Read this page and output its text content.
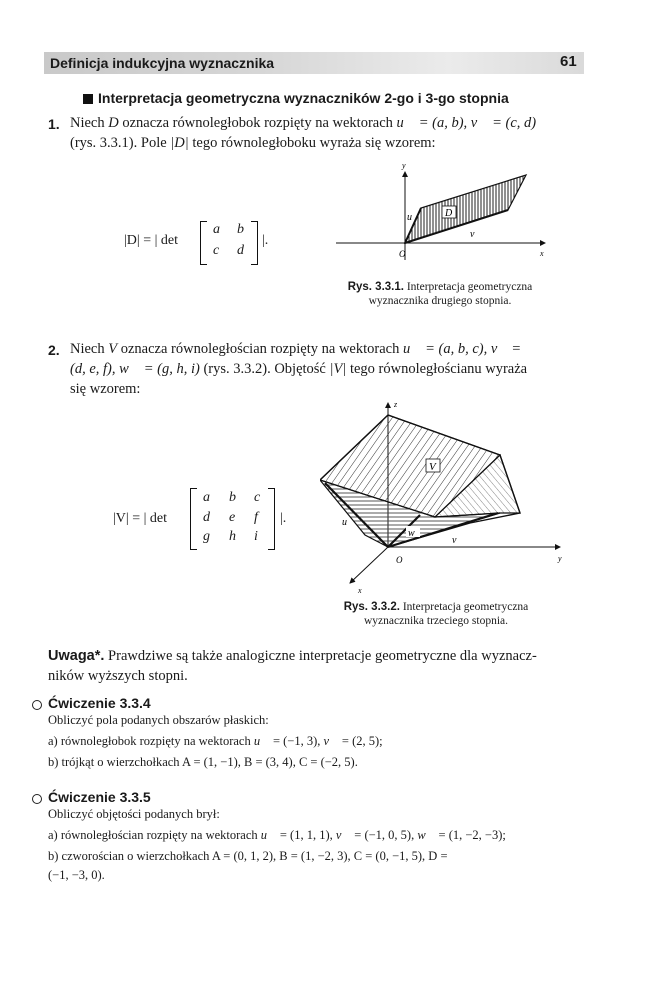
Definicja indukcyjna wyznacznika	61
Interpretacja geometryczna wyznaczników 2-go i 3-go stopnia
1. Niech D oznacza równoległobok rozpięty na wektorach u⃗ = (a, b), v⃗ = (c, d)
(rys. 3.3.1). Pole |D| tego równoległoboku wyraża się wzorem:
|D| = | det
a b
c d
|.
D
y
x
O
u⃗
v⃗
Rys. 3.3.1. Interpretacja geometryczna
wyznacznika drugiego stopnia.
2. Niech V oznacza równoległościan rozpięty na wektorach u⃗ = (a, b, c), v⃗ =
(d, e, f), w⃗ = (g, h, i) (rys. 3.3.2). Objętość |V| tego równoległościanu wyraża
się wzorem:
|V| = | det
a b c
d e f
g h i
|.
V
w⃗
u⃗
v⃗
z
y
x
O
Rys. 3.3.2. Interpretacja geometryczna
wyznacznika trzeciego stopnia.
Uwaga*. Prawdziwe są także analogiczne interpretacje geometryczne dla wyznacz-
ników wyższych stopni.
Ćwiczenie 3.3.4
Obliczyć pola podanych obszarów płaskich:
a) równoległobok rozpięty na wektorach u⃗ = (−1, 3), v⃗ = (2, 5);
b) trójkąt o wierzchołkach A = (1, −1), B = (3, 4), C = (−2, 5).
Ćwiczenie 3.3.5
Obliczyć objętości podanych brył:
a) równoległościan rozpięty na wektorach u⃗ = (1, 1, 1), v⃗ = (−1, 0, 5), w⃗ = (1, −2, −3);
b) czworościan o wierzchołkach A = (0, 1, 2), B = (1, −2, 3), C = (0, −1, 5), D =
(−1, −3, 0).
